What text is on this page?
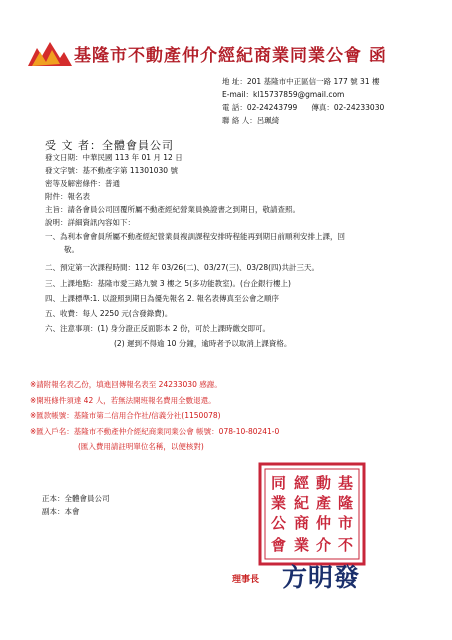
基隆市不動產仲介經紀商業同業公會 函
地 址：201 基隆市中正區信一路 177 號 31 樓
E-mail：kl15737859@gmail.com
電 話：02-24243799 傳真：02-24233030
聯 絡 人：呂珮綺
受 文 者：全體會員公司
發文日期：中華民國 113 年 01 月 12 日
發文字號：基不動產字第 11301030 號
密等及解密條件：普通
附件：報名表
主旨：請各會員公司回覆所屬不動產經紀營業員換證書之到期日，敬請查照。
說明：詳細資訊內容如下：
一、為利本會會員所屬不動產經紀營業員複訓課程安排時程能再到期日前順利安排上課，回
敬。
二、預定第一次課程時間：112 年 03/26(二)、03/27(三)、03/28(四)共計三天。
三、上課地點：基隆市愛三路九號 3 樓之 5(多功能教室)。(台企銀行樓上)
四、上課標準:1. 以證照到期日為優先報名 2. 報名表傳真至公會之順序
五、收費：每人 2250 元(含發錄費)。
六、注意事項：(1) 身分證正反面影本 2 份，可於上課時繳交即可。
(2) 遲到不得逾 10 分鐘，逾時者予以取消上課資格。
※請附報名表乙份，填進回傳報名表至 24233030 感謝。
※開班條件須達 42 人，若無法開班報名費用全數退還。
※匯款帳號：基隆市第二信用合作社/信義分社(1150078)
※匯入戶名：基隆市不動產仲介經紀商業同業公會 帳號：078-10-80241-0
(匯入費用請註明單位名稱，以便核對)
正本：全體會員公司
副本：本會
基
隆
市
不
動
產
仲
介
經
紀
商
業
同
業
公
會
理事長 方明發
